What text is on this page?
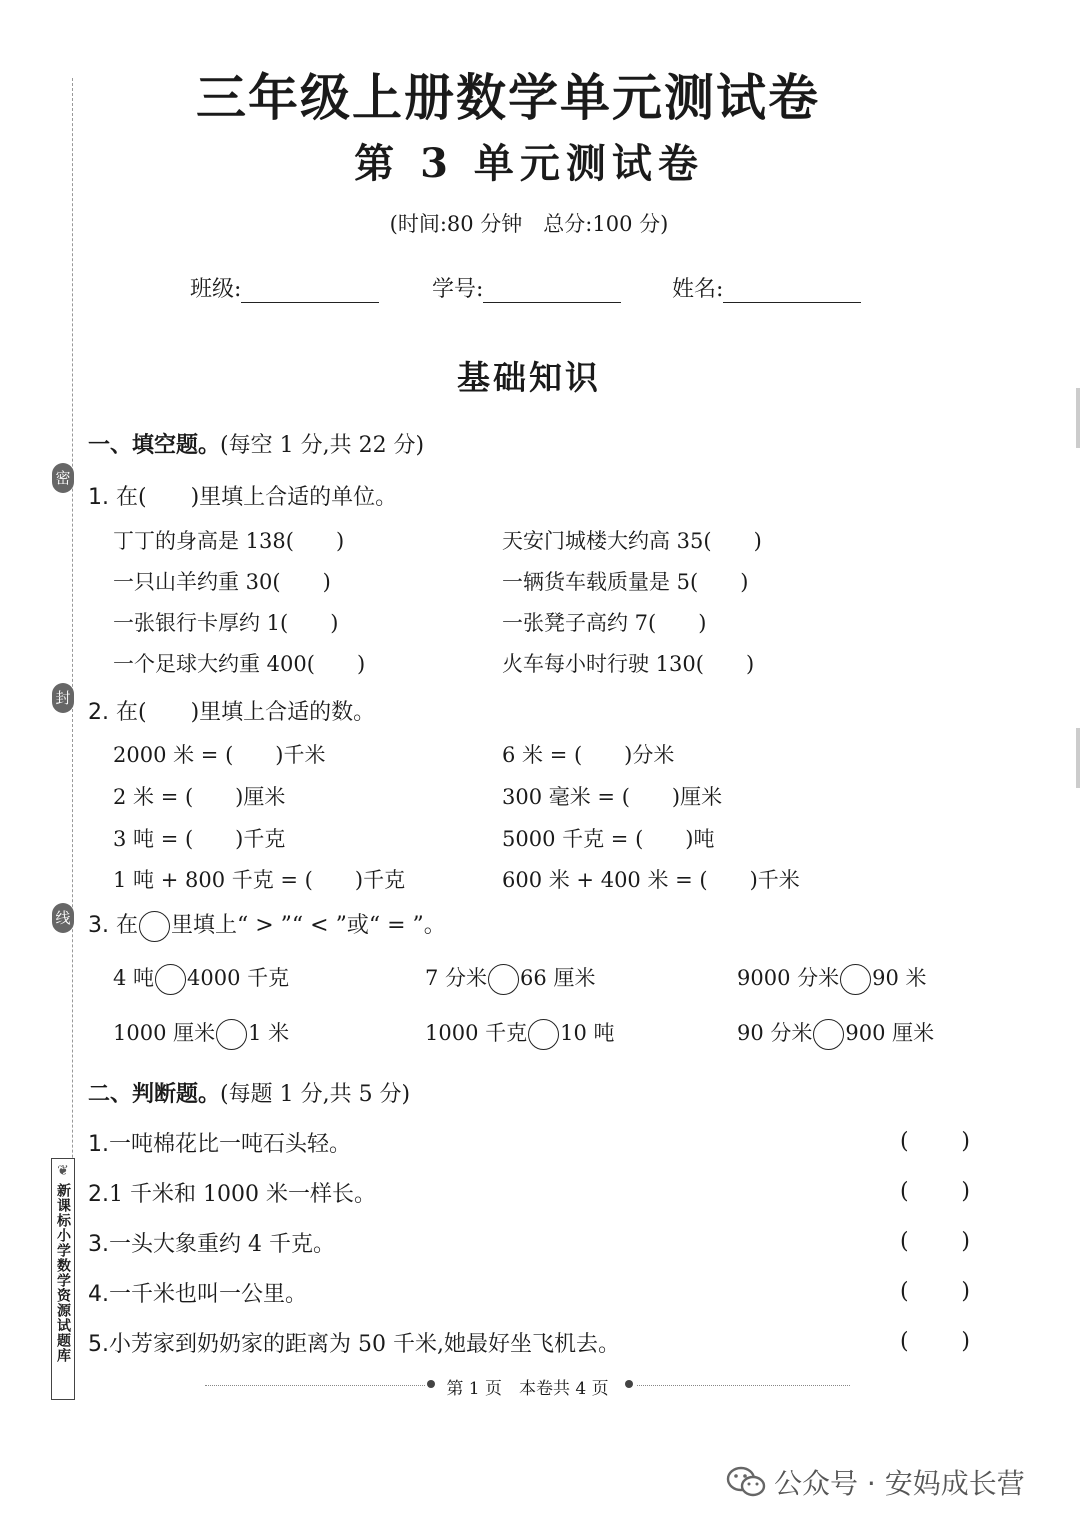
密
封
线
❦
新课标小学数学资源试题库
三年级上册数学单元测试卷
第 3 单元测试卷
(时间:80 分钟　总分:100 分)
班级:	学号:	姓名:
基础知识
一、填空题。(每空 1 分,共 22 分)
1. 在(　　)里填上合适的单位。
丁丁的身高是 138(　　)	天安门城楼大约高 35(　　)
一只山羊约重 30(　　)	一辆货车载质量是 5(　　)
一张银行卡厚约 1(　　)	一张凳子高约 7(　　)
一个足球大约重 400(　　)	火车每小时行驶 130(　　)
2. 在(　　)里填上合适的数。
2000 米 = (　　)千米	6 米 = (　　)分米
2 米 = (　　)厘米	300 毫米 = (　　)厘米
3 吨 = (　　)千克	5000 千克 = (　　)吨
1 吨 + 800 千克 = (　　)千克	600 米 + 400 米 = (　　)千米
3. 在 里填上“ > ”“ < ”或“ = ”。
4 吨 4000 千克	7 分米 66 厘米	9000 分米 90 米
1000 厘米 1 米	1000 千克 10 吨	90 分米 900 厘米
二、判断题。(每题 1 分,共 5 分)
1.一吨棉花比一吨石头轻。	( )
2.1 千米和 1000 米一样长。	( )
3.一头大象重约 4 千克。	( )
4.一千米也叫一公里。	( )
5.小芳家到奶奶家的距离为 50 千米,她最好坐飞机去。	( )
第 1 页　 本卷共 4 页
公众号 · 安妈成长营
